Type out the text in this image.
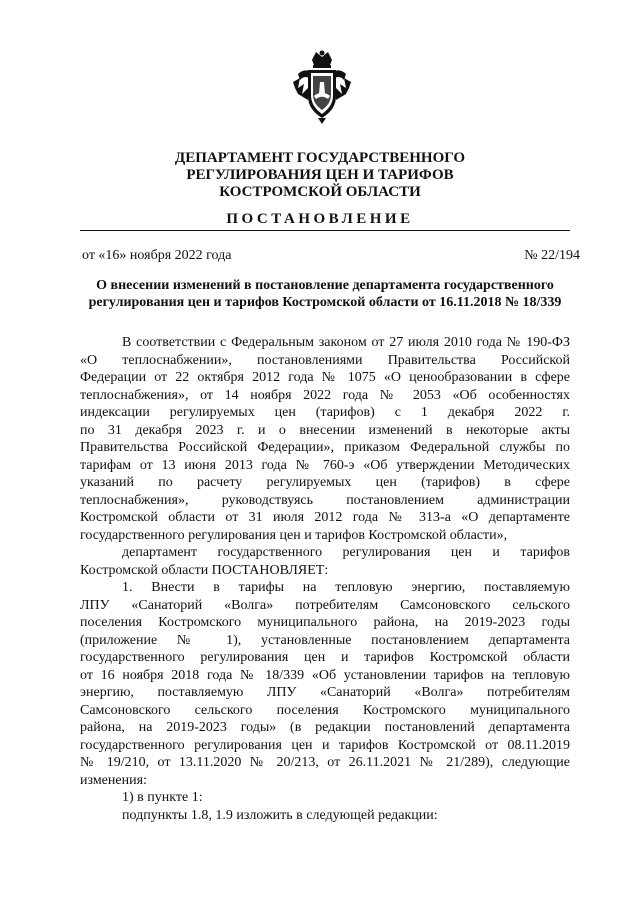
ДЕПАРТАМЕНТ ГОСУДАРСТВЕННОГО
РЕГУЛИРОВАНИЯ ЦЕН И ТАРИФОВ
КОСТРОМСКОЙ ОБЛАСТИ
ПОСТАНОВЛЕНИЕ
от «16» ноября 2022 года	№ 22/194
О внесении изменений в постановление департамента государственного
регулирования цен и тарифов Костромской области от 16.11.2018 № 18/339

В соответствии с Федеральным законом от 27 июля 2010 года № 190-ФЗ

«О теплоснабжении», постановлениями Правительства Российской

Федерации от 22 октября 2012 года № 1075 «О ценообразовании в сфере

теплоснабжения», от 14 ноября 2022 года № 2053 «Об особенностях

индексации регулируемых цен (тарифов) с 1 декабря 2022 г.

по 31 декабря 2023 г. и о внесении изменений в некоторые акты

Правительства Российской Федерации», приказом Федеральной службы по

тарифам от 13 июня 2013 года № 760-э «Об утверждении Методических

указаний по расчету регулируемых цен (тарифов) в сфере

теплоснабжения», руководствуясь постановлением администрации

Костромской области от 31 июля 2012 года № 313-а «О департаменте

государственного регулирования цен и тарифов Костромской области»,

департамент государственного регулирования цен и тарифов

Костромской области ПОСТАНОВЛЯЕТ:

1. Внести в тарифы на тепловую энергию, поставляемую

ЛПУ «Санаторий «Волга» потребителям Самсоновского сельского

поселения Костромского муниципального района, на 2019-2023 годы

(приложение № 1), установленные постановлением департамента

государственного регулирования цен и тарифов Костромской области

от 16 ноября 2018 года № 18/339 «Об установлении тарифов на тепловую

энергию, поставляемую ЛПУ «Санаторий «Волга» потребителям

Самсоновского сельского поселения Костромского муниципального

района, на 2019-2023 годы» (в редакции постановлений департамента

государственного регулирования цен и тарифов Костромской от 08.11.2019

№ 19/210, от 13.11.2020 № 20/213, от 26.11.2021 № 21/289), следующие

изменения:

1) в пункте 1:

подпункты 1.8, 1.9 изложить в следующей редакции:
